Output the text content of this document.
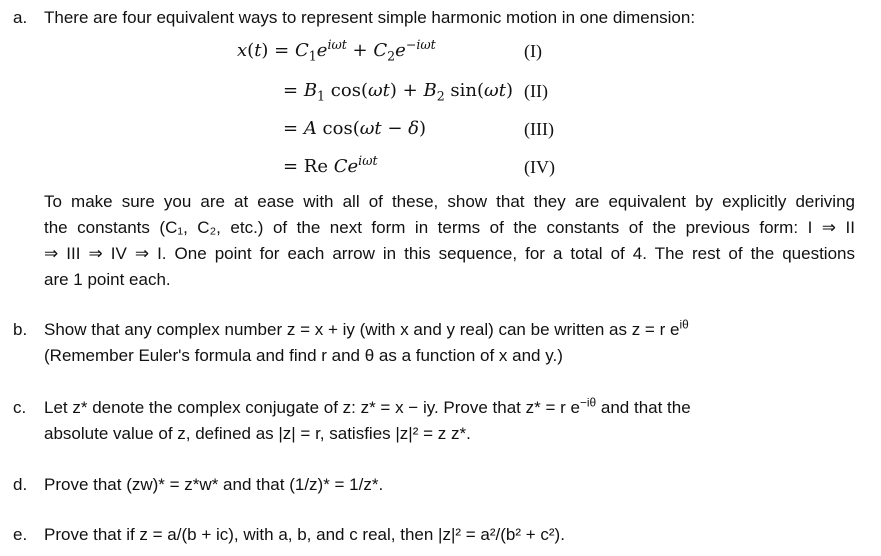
a. There are four equivalent ways to represent simple harmonic motion in one dimension:
$x(t) = C_1e^{i\omega t} + C_2e^{-i\omega t}$	(I)
= $B_1$ $\cos(\omega t) + B_2$ sin(ωt) (II)
= A cos(ωt − δ)	(III)
= Re $Ce^{i\omega t}$	(IV)
To make sure you are at ease with all of these, show that they are equivalent by explicitly deriving
the constants (C₁, C₂, etc.) of the next form in terms of the constants of the previous form: I ⇒ II
⇒ III ⇒ IV ⇒ I. One point for each arrow in this sequence, for a total of 4. The rest of the questions
are 1 point each.
b. Show that any complex number z = x + iy (with x and y real) can be written as z = r $e^{i\theta}$
(Remember Euler's formula and find r and θ as a function of x and y.)
c. Let z* denote the complex conjugate of z: z* = x − iy. Prove that z* = r $e^{-i\theta}$ and that the
absolute value of z, defined as |z| = r, satisfies |z|² = z z*.
d. Prove that (zw)* = z*w* and that (1/z)* = 1/z*.
e. Prove that if z = a/(b + ic), with a, b, and c real, then |z|² = a²/(b² + c²).
